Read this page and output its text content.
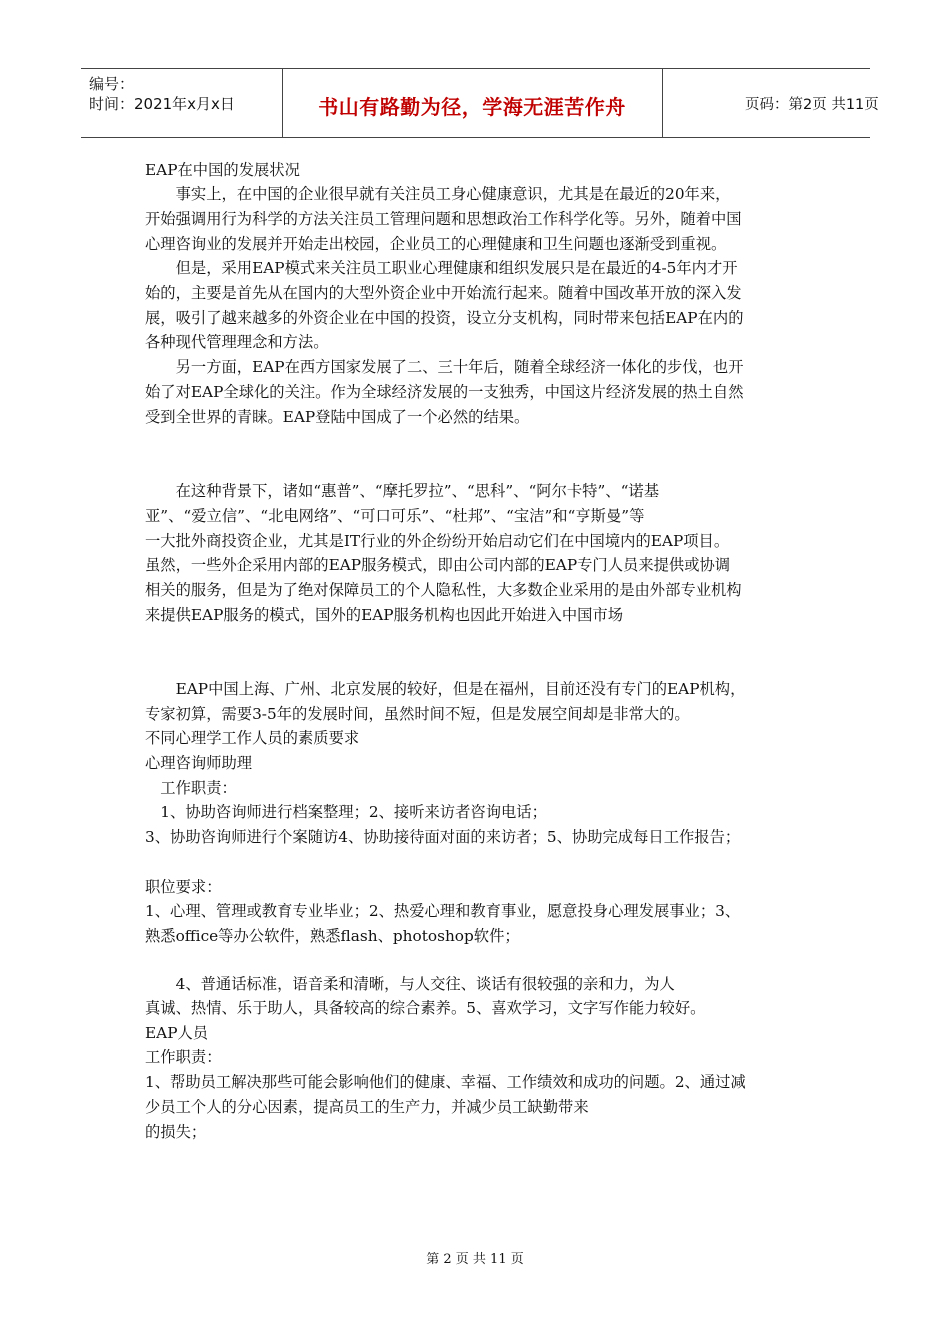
编号：
时间：2021年x月x日	书山有路勤为径，学海无涯苦作舟	页码：第2页 共11页
EAP在中国的发展状况
　　事实上，在中国的企业很早就有关注员工身心健康意识，尤其是在最近的20年来，
开始强调用行为科学的方法关注员工管理问题和思想政治工作科学化等。另外，随着中国
心理咨询业的发展并开始走出校园，企业员工的心理健康和卫生问题也逐渐受到重视。
　　但是，采用EAP模式来关注员工职业心理健康和组织发展只是在最近的4-5年内才开
始的，主要是首先从在国内的大型外资企业中开始流行起来。随着中国改革开放的深入发
展，吸引了越来越多的外资企业在中国的投资，设立分支机构，同时带来包括EAP在内的
各种现代管理理念和方法。
　　另一方面，EAP在西方国家发展了二、三十年后，随着全球经济一体化的步伐，也开
始了对EAP全球化的关注。作为全球经济发展的一支独秀，中国这片经济发展的热土自然
受到全世界的青睐。EAP登陆中国成了一个必然的结果。
　　在这种背景下，诸如“惠普”、“摩托罗拉”、“思科”、“阿尔卡特”、“诺基
亚”、“爱立信”、“北电网络”、“可口可乐”、“杜邦”、“宝洁”和“亨斯曼”等
一大批外商投资企业，尤其是IT行业的外企纷纷开始启动它们在中国境内的EAP项目。
虽然，一些外企采用内部的EAP服务模式，即由公司内部的EAP专门人员来提供或协调
相关的服务，但是为了绝对保障员工的个人隐私性，大多数企业采用的是由外部专业机构
来提供EAP服务的模式，国外的EAP服务机构也因此开始进入中国市场
　　EAP中国上海、广州、北京发展的较好，但是在福州，目前还没有专门的EAP机构，
专家初算，需要3-5年的发展时间，虽然时间不短，但是发展空间却是非常大的。
不同心理学工作人员的素质要求
心理咨询师助理
　工作职责：
　1、协助咨询师进行档案整理；2、接听来访者咨询电话；
3、协助咨询师进行个案随访4、协助接待面对面的来访者；5、协助完成每日工作报告；
职位要求：
1、心理、管理或教育专业毕业；2、热爱心理和教育事业，愿意投身心理发展事业；3、
熟悉office等办公软件，熟悉flash、photoshop软件；
　　4、普通话标准，语音柔和清晰，与人交往、谈话有很较强的亲和力，为人
真诚、热情、乐于助人，具备较高的综合素养。5、喜欢学习，文字写作能力较好。
EAP人员
工作职责：
1、帮助员工解决那些可能会影响他们的健康、幸福、工作绩效和成功的问题。2、通过减
少员工个人的分心因素，提高员工的生产力，并减少员工缺勤带来
的损失；
第 2 页 共 11 页
